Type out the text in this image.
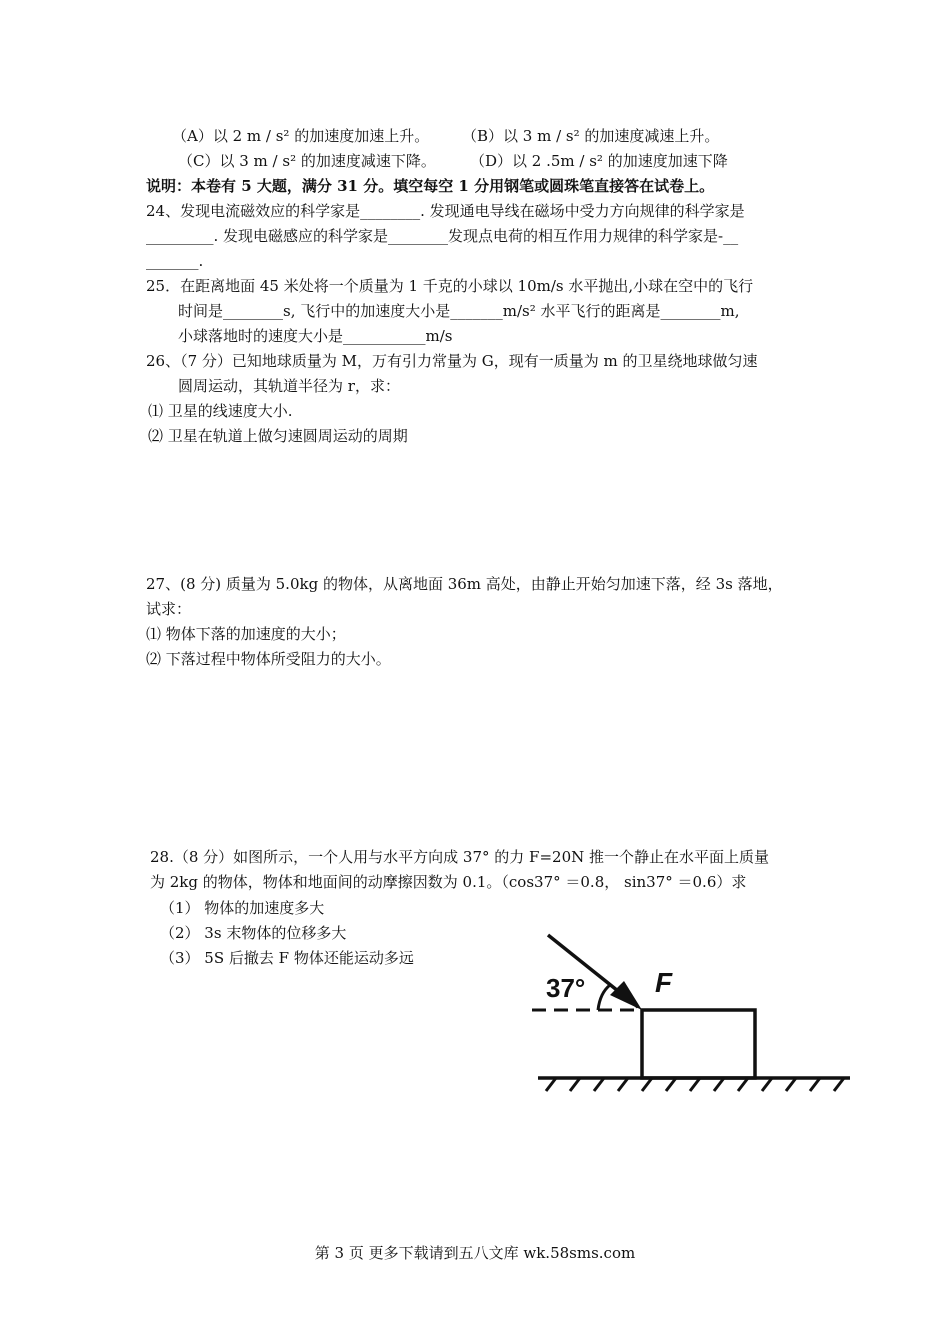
（A）以 2 m / s² 的加速度加速上升。 （B）以 3 m / s² 的加速度减速上升。
（C）以 3 m / s² 的加速度减速下降。 （D）以 2 .5m / s² 的加速度加速下降
说明：本卷有 5 大题，满分 31 分。填空每空 1 分用钢笔或圆珠笔直接答在试卷上。
24、发现电流磁效应的科学家是________. 发现通电导线在磁场中受力方向规律的科学家是
_________. 发现电磁感应的科学家是________发现点电荷的相互作用力规律的科学家是-__
_______.
25．在距离地面 45 米处将一个质量为 1 千克的小球以 10m/s 水平抛出,小球在空中的飞行
时间是________s, 飞行中的加速度大小是_______m/s² 水平飞行的距离是________m,
小球落地时的速度大小是___________m/s
26、（7 分）已知地球质量为 M，万有引力常量为 G，现有一质量为 m 的卫星绕地球做匀速
圆周运动，其轨道半径为 r，求：
⑴ 卫星的线速度大小.
⑵ 卫星在轨道上做匀速圆周运动的周期
27、(8 分) 质量为 5.0kg 的物体，从离地面 36m 高处，由静止开始匀加速下落，经 3s 落地，
试求：
⑴ 物体下落的加速度的大小；
⑵ 下落过程中物体所受阻力的大小。
28.（8 分）如图所示，一个人用与水平方向成 37° 的力 F=20N 推一个静止在水平面上质量
为 2kg 的物体，物体和地面间的动摩擦因数为 0.1。（cos37° ＝0.8， sin37° ＝0.6）求
（1） 物体的加速度多大
（2） 3s 末物体的位移多大
（3） 5S 后撤去 F 物体还能运动多远
37° F
第 3 页 更多下载请到五八文库 wk.58sms.com
